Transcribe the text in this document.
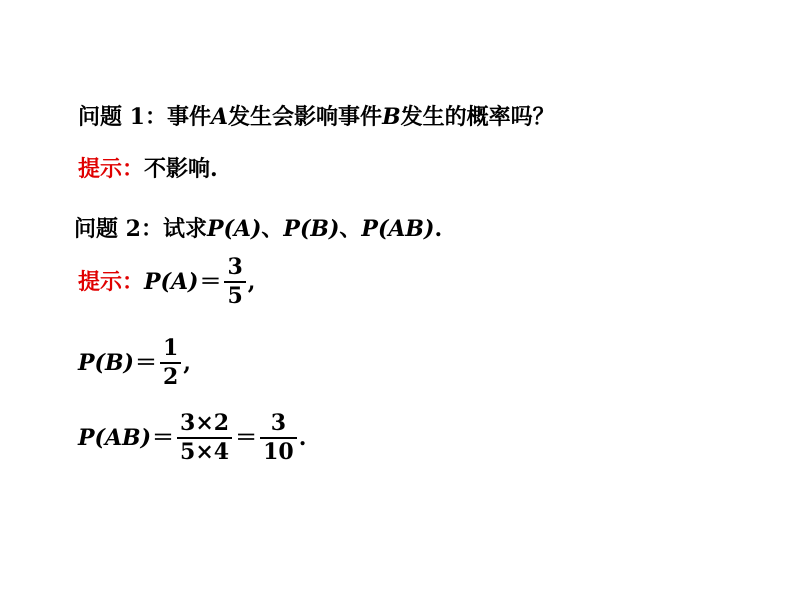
问题 1：事件 A 发生会影响事件 B 发生的概率吗？
提示： 不影响.
问题 2：试求 P(A) 、 P(B) 、 P(AB) .
提示： $P(A) = \frac{3}{5}$ ,
$P(B) = \frac{1}{2}$ ,
$P(AB) = \frac{3\times 2}{5\times 4} = \frac{3}{10}$ .
